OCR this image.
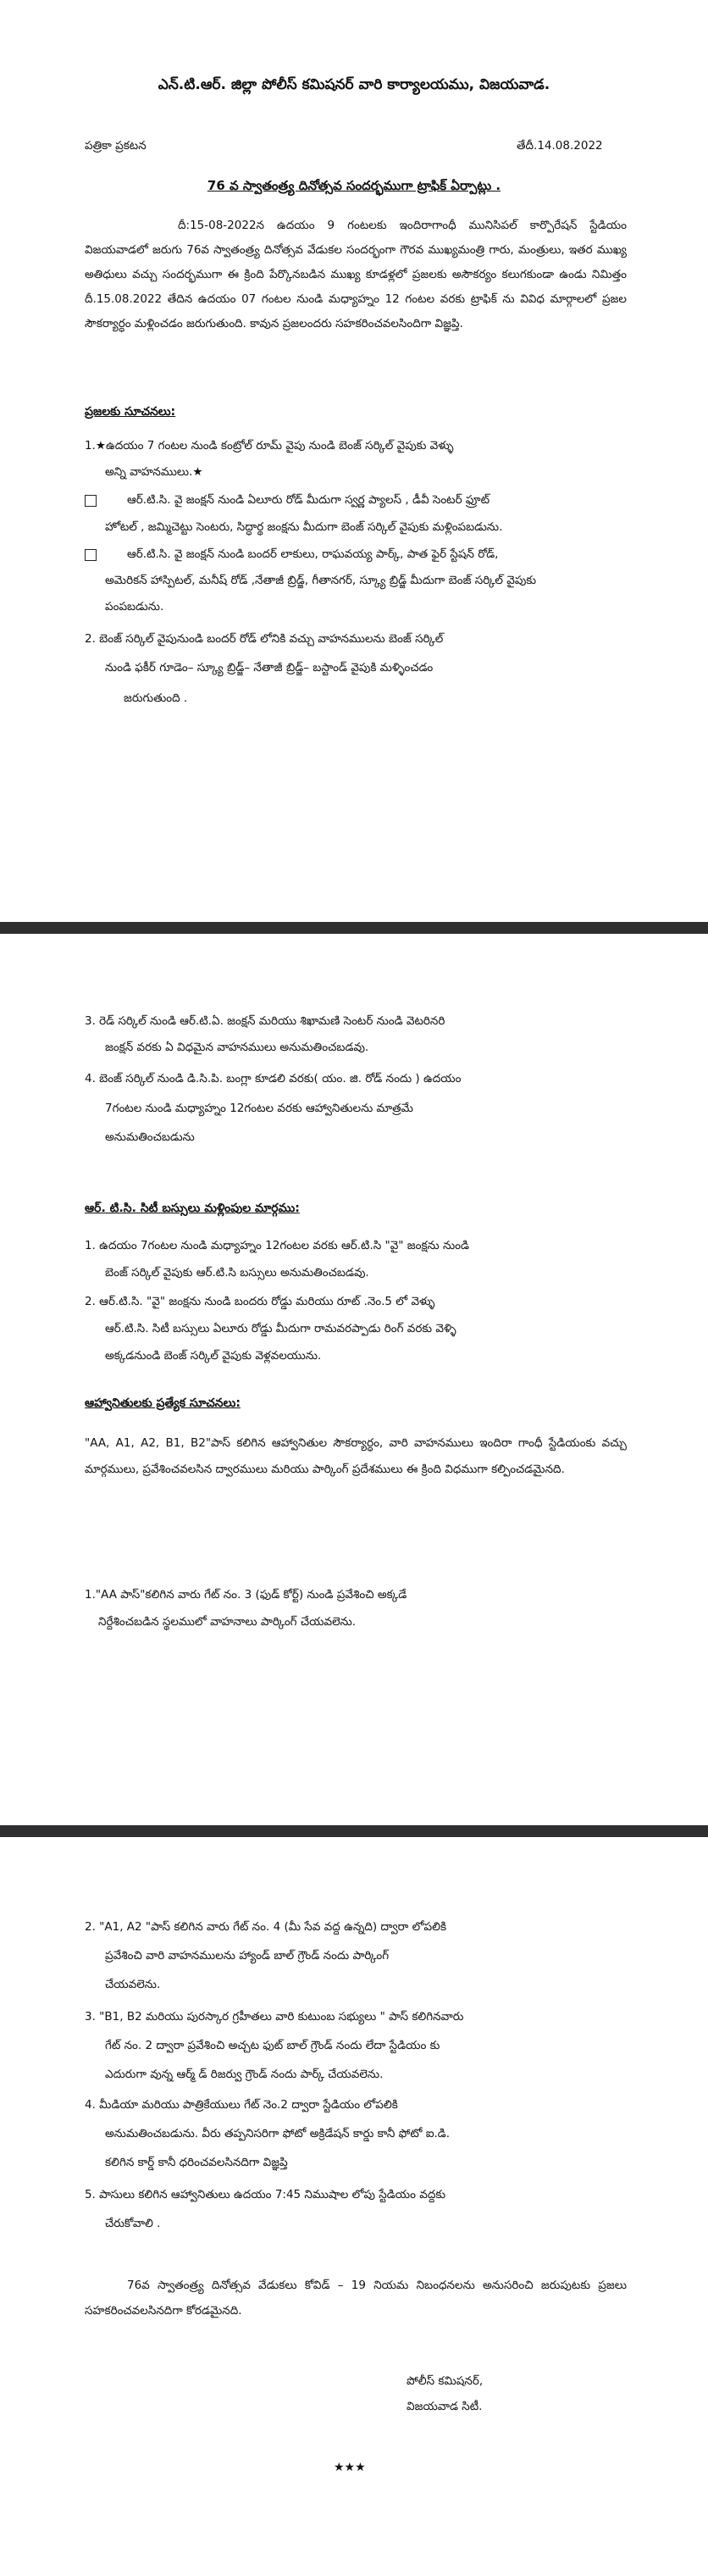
ఎన్.టి.ఆర్. జిల్లా పోలీస్ కమిషనర్ వారి కార్యాలయము, విజయవాడ.
పత్రికా ప్రకటన	తేదీ.14.08.2022
76 వ స్వాతంత్ర్య దినోత్సవ సందర్భముగా ట్రాఫిక్ ఏర్పాట్లు .
దీ:15-08-2022న ఉదయం 9 గంటలకు ఇందిరాగాంధీ మునిసిపల్ కార్పొరేషన్ స్టేడియం విజయవాడలో జరుగు 76వ స్వాతంత్ర్య దినోత్సవ వేడుకల సందర్భంగా గౌరవ ముఖ్యమంత్రి గారు, మంత్రులు, ఇతర ముఖ్య అతిధులు వచ్చు సందర్భముగా ఈ క్రింది పేర్కొనబడిన ముఖ్య కూడళ్లలో ప్రజలకు అసౌకర్యం కలుగకుండా ఉండు నిమిత్తం దీ.15.08.2022 తేదిన ఉదయం 07 గంటల నుండి మధ్యాహ్నం 12 గంటల వరకు ట్రాఫిక్ ను వివిధ మార్గాలలో ప్రజల సౌకర్యార్ధం మళ్లించడం జరుగుతుంది. కావున ప్రజలందరు సహకరించవలసిందిగా విజ్ఞప్తి.
ప్రజలకు సూచనలు:
1.★ఉదయం 7 గంటల నుండి కంట్రోల్ రూమ్ వైపు నుండి బెంజ్ సర్కిల్ వైపుకు వెళ్ళు
అన్ని వాహనములు.★
ఆర్.టి.సి. వై జంక్షన్ నుండి ఏలూరు రోడ్ మీదుగా స్వర్ణ ప్యాలస్ , డీవీ సెంటర్ ఫ్రూట్
హోటల్ , జమ్మిచెట్టు సెంటరు, సిద్ధార్థ జంక్షను మీదుగా బెంజ్ సర్కిల్ వైపుకు మళ్లింపబడును.
ఆర్.టి.సి. వై జంక్షన్ నుండి బందర్ లాకులు, రాఘవయ్య పార్క్, పాత ఫైర్ స్టేషన్ రోడ్,
అమెరికన్ హాస్పిటల్, మనీష్ రోడ్ ,నేతాజీ బ్రిడ్జ్, గీతానగర్, స్క్యూ బ్రిడ్జ్ మీదుగా బెంజ్ సర్కిల్ వైపుకు
పంపబడును.
2. బెంజ్ సర్కిల్ వైపునుండి బందర్ రోడ్ లోనికి వచ్చు వాహనములను బెంజ్ సర్కిల్
నుండి ఫకీర్ గూడెం– స్క్యూ బ్రిడ్జ్– నేతాజీ బ్రిడ్జ్– బస్టాండ్ వైపుకి మళ్ళించడం
జరుగుతుంది .
3. రెడ్ సర్కిల్ నుండి ఆర్.టి.ఏ. జంక్షన్ మరియు శిఖామణి సెంటర్ నుండి వెటరినరి
జంక్షన్ వరకు ఏ విధమైన వాహనములు అనుమతించబడవు.
4. బెంజ్ సర్కిల్ నుండి డి.సి.పి. బంగ్లా కూడలి వరకు( యం. జి. రోడ్ నందు ) ఉదయం
7గంటల నుండి మధ్యాహ్నం 12గంటల వరకు ఆహ్వానితులను మాత్రమే
అనుమతించబడును
ఆర్. టి.సి. సిటీ బస్సులు మళ్లింపుల మార్గము:
1. ఉదయం 7గంటల నుండి మధ్యాహ్నం 12గంటల వరకు ఆర్.టి.సి "వై" జంక్షను నుండి
బెంజ్ సర్కిల్ వైపుకు ఆర్.టి.సి బస్సులు అనుమతించబడవు.
2. ఆర్.టి.సి. "వై" జంక్షను నుండి బందరు రోడ్డు మరియు రూట్ .నెం.5 లో వెళ్ళు
ఆర్.టి.సి. సిటీ బస్సులు ఏలూరు రోడ్డు మీదుగా రామవరప్పాడు రింగ్ వరకు వెళ్ళి
అక్కడనుండి బెంజ్ సర్కిల్ వైపుకు వెళ్లవలయును.
ఆహ్వానితులకు ప్రత్యేక సూచనలు:
"AA, A1, A2, B1, B2"పాస్ కలిగిన ఆహ్వానితుల సౌకర్యార్ధం, వారి వాహనములు ఇందిరా గాంధీ స్టేడియంకు వచ్చు మార్గములు, ప్రవేశించవలసిన ద్వారములు మరియు పార్కింగ్ ప్రదేశములు ఈ క్రింది విధముగా కల్పించడమైనది.
1."AA పాస్"కలిగిన వారు గేట్ నం. 3 (ఫుడ్ కోర్ట్) నుండి ప్రవేశించి అక్కడే
నిర్దేశించబడిన స్థలములో వాహనాలు పార్కింగ్ చేయవలెను.
2. "A1, A2 "పాస్ కలిగిన వారు గేట్ నం. 4 (మీ సేవ వద్ద ఉన్నది) ద్వారా లోపలికి
ప్రవేశించి వారి వాహనములను హ్యాండ్ బాల్ గ్రౌండ్ నందు పార్కింగ్
చేయవలెను.
3. "B1, B2 మరియు పురస్కార గ్రహీతలు వారి కుటుంబ సభ్యులు " పాస్ కలిగినవారు
గేట్ నం. 2 ద్వారా ప్రవేశించి అచ్చట ఫుట్ బాల్ గ్రౌండ్ నందు లేదా స్టేడియం కు
ఎదురుగా వున్న ఆర్మ్ డ్ రిజర్వు గ్రౌండ్ నందు పార్క్ చేయవలెను.
4. మీడియా మరియు పాత్రికేయులు గేట్ నెం.2 ద్వారా స్టేడియం లోపలికి
అనుమతించబడును. వీరు తప్పనిసరిగా ఫోటో అక్రిడేషన్ కార్డు కానీ ఫోటో ఐ.డి.
కలిగిన కార్డ్ కానీ ధరించవలసినదిగా విజ్ఞప్తి
5. పాసులు కలిగిన ఆహ్వానితులు ఉదయం 7:45 నిముషాల లోపు స్టేడియం వద్దకు
చేరుకోవాలి .
76వ స్వాతంత్ర్య దినోత్సవ వేడుకలు కోవిడ్ – 19 నియమ నిబంధనలను అనుసరించి జరుపుటకు ప్రజలు సహకరించవలసినదిగా కోరడమైనది.
పోలీస్ కమిషనర్,
విజయవాడ సిటీ.
★★★
